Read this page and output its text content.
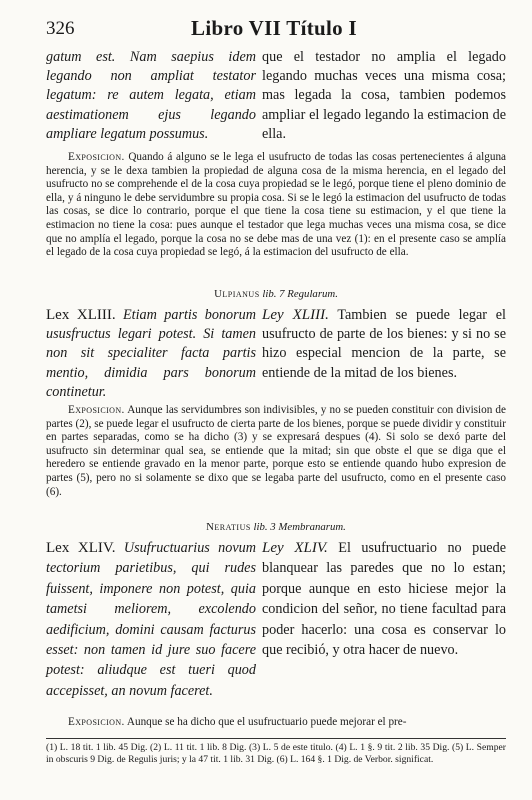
326	Libro VII Título I
gatum est. Nam saepius idem legando non ampliat testator legatum: re autem legata, etiam aestimationem ejus legando ampliare legatum possumus.
que el testador no amplia el legado legando muchas veces una misma cosa; mas legada la cosa, tambien podemos ampliar el legado legando la estimacion de ella.
Exposicion. Quando á alguno se le lega el usufructo de todas las cosas pertenecientes á alguna herencia, y se le dexa tambien la propiedad de alguna cosa de la misma herencia, en el legado del usufructo no se comprehende el de la cosa cuya propiedad se le legó, porque tiene el pleno dominio de ella, y á ninguno le debe servidumbre su propia cosa. Si se le legó la estimacion del usufructo de todas las cosas, se dice lo contrario, porque el que tiene la cosa tiene su estimacion, y el que tiene la estimacion no tiene la cosa: pues aunque el testador que lega muchas veces una misma cosa, se dice que no amplía el legado, porque la cosa no se debe mas de una vez (1): en el presente caso se amplía el legado de la cosa cuya propiedad se legó, á la estimacion del usufructo de ella.
Ulpianus lib. 7 Regularum.
Lex XLIII. Etiam partis bonorum ususfructus legari potest. Si tamen non sit specialiter facta partis mentio, dimidia pars bonorum continetur.
Ley XLIII. Tambien se puede legar el usufructo de parte de los bienes: y si no se hizo especial mencion de la parte, se entiende de la mitad de los bienes.
Exposicion. Aunque las servidumbres son indivisibles, y no se pueden constituir con division de partes (2), se puede legar el usufructo de cierta parte de los bienes, porque se puede dividir y constituir en partes separadas, como se ha dicho (3) y se expresará despues (4). Si solo se dexó parte del usufructo sin determinar qual sea, se entiende que la mitad; sin que obste el que se diga que el heredero se entiende gravado en la menor parte, porque esto se entiende quando hubo expresion de partes (5), pero no si solamente se dixo que se legaba parte del usufructo, como en el presente caso (6).
Neratius lib. 3 Membranarum.
Lex XLIV. Usufructuarius novum tectorium parietibus, qui rudes fuissent, imponere non potest, quia tametsi meliorem, excolendo aedificium, domini causam facturus esset: non tamen id jure suo facere potest: aliudque est tueri quod accepisset, an novum faceret.
Ley XLIV. El usufructuario no puede blanquear las paredes que no lo estan; porque aunque en esto hiciese mejor la condicion del señor, no tiene facultad para poder hacerlo: una cosa es conservar lo que recibió, y otra hacer de nuevo.
Exposicion. Aunque se ha dicho que el usufructuario puede mejorar el pre-
(1) L. 18 tit. 1 lib. 45 Dig. (2) L. 11 tit. 1 lib. 8 Dig. (3) L. 5 de este titulo. (4) L. 1 §. 9 tit. 2 lib. 35 Dig. (5) L. Semper in obscuris 9 Dig. de Regulis juris; y la 47 tit. 1 lib. 31 Dig. (6) L. 164 §. 1 Dig. de Verbor. significat.
